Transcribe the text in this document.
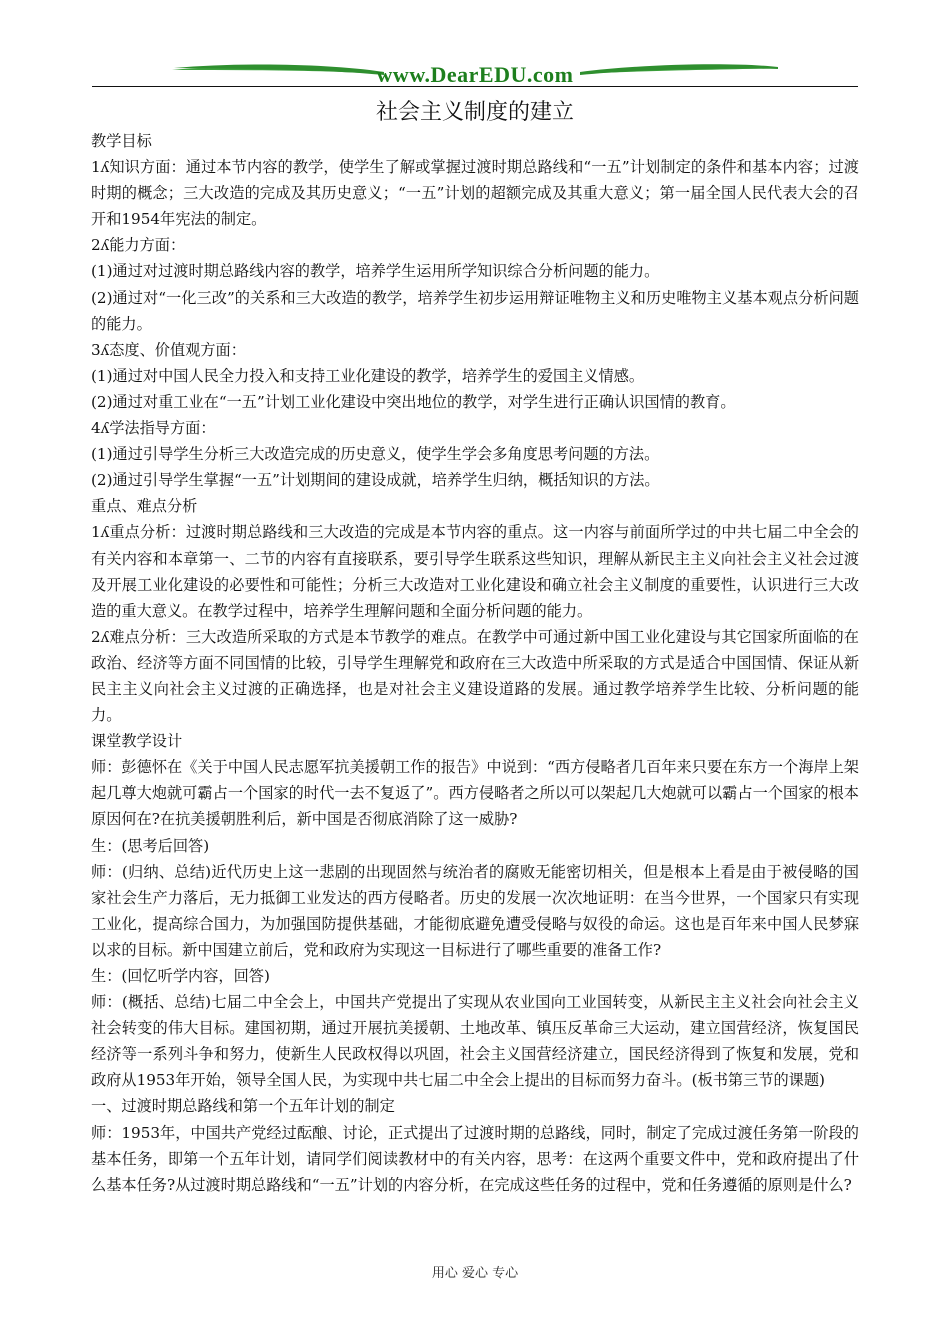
www.DearEDU.com
社会主义制度的建立

教学目标

1ʎ知识方面：通过本节内容的教学，使学生了解或掌握过渡时期总路线和“一五”计划制定的条件和基本内容；过渡时期的概念；三大改造的完成及其历史意义；“一五”计划的超额完成及其重大意义；第一届全国人民代表大会的召开和1954年宪法的制定。

2ʎ能力方面：

(1)通过对过渡时期总路线内容的教学，培养学生运用所学知识综合分析问题的能力。

(2)通过对“一化三改”的关系和三大改造的教学，培养学生初步运用辩证唯物主义和历史唯物主义基本观点分析问题的能力。

3ʎ态度、价值观方面：

(1)通过对中国人民全力投入和支持工业化建设的教学，培养学生的爱国主义情感。

(2)通过对重工业在“一五”计划工业化建设中突出地位的教学，对学生进行正确认识国情的教育。

4ʎ学法指导方面：

(1)通过引导学生分析三大改造完成的历史意义，使学生学会多角度思考问题的方法。

(2)通过引导学生掌握“一五”计划期间的建设成就，培养学生归纳，概括知识的方法。

重点、难点分析

1ʎ重点分析：过渡时期总路线和三大改造的完成是本节内容的重点。这一内容与前面所学过的中共七届二中全会的有关内容和本章第一、二节的内容有直接联系，要引导学生联系这些知识，理解从新民主主义向社会主义社会过渡及开展工业化建设的必要性和可能性；分析三大改造对工业化建设和确立社会主义制度的重要性，认识进行三大改造的重大意义。在教学过程中，培养学生理解问题和全面分析问题的能力。

2ʎ难点分析：三大改造所采取的方式是本节教学的难点。在教学中可通过新中国工业化建设与其它国家所面临的在政治、经济等方面不同国情的比较，引导学生理解党和政府在三大改造中所采取的方式是适合中国国情、保证从新民主主义向社会主义过渡的正确选择，也是对社会主义建设道路的发展。通过教学培养学生比较、分析问题的能力。

课堂教学设计

师：彭德怀在《关于中国人民志愿军抗美援朝工作的报告》中说到：“西方侵略者几百年来只要在东方一个海岸上架起几尊大炮就可霸占一个国家的时代一去不复返了”。西方侵略者之所以可以架起几大炮就可以霸占一个国家的根本原因何在?在抗美援朝胜利后，新中国是否彻底消除了这一威胁?

生：(思考后回答)

师：(归纳、总结)近代历史上这一悲剧的出现固然与统治者的腐败无能密切相关，但是根本上看是由于被侵略的国家社会生产力落后，无力抵御工业发达的西方侵略者。历史的发展一次次地证明：在当今世界，一个国家只有实现工业化，提高综合国力，为加强国防提供基础，才能彻底避免遭受侵略与奴役的命运。这也是百年来中国人民梦寐以求的目标。新中国建立前后，党和政府为实现这一目标进行了哪些重要的准备工作?

生：(回忆听学内容，回答)

师：(概括、总结)七届二中全会上，中国共产党提出了实现从农业国向工业国转变，从新民主主义社会向社会主义社会转变的伟大目标。建国初期，通过开展抗美援朝、土地改革、镇压反革命三大运动，建立国营经济，恢复国民经济等一系列斗争和努力，使新生人民政权得以巩固，社会主义国营经济建立，国民经济得到了恢复和发展，党和政府从1953年开始，领导全国人民，为实现中共七届二中全会上提出的目标而努力奋斗。(板书第三节的课题)

一、过渡时期总路线和第一个五年计划的制定

师：1953年，中国共产党经过酝酿、讨论，正式提出了过渡时期的总路线，同时，制定了完成过渡任务第一阶段的基本任务，即第一个五年计划，请同学们阅读教材中的有关内容，思考：在这两个重要文件中，党和政府提出了什么基本任务?从过渡时期总路线和“一五”计划的内容分析，在完成这些任务的过程中，党和任务遵循的原则是什么?

用心 爱心 专心
